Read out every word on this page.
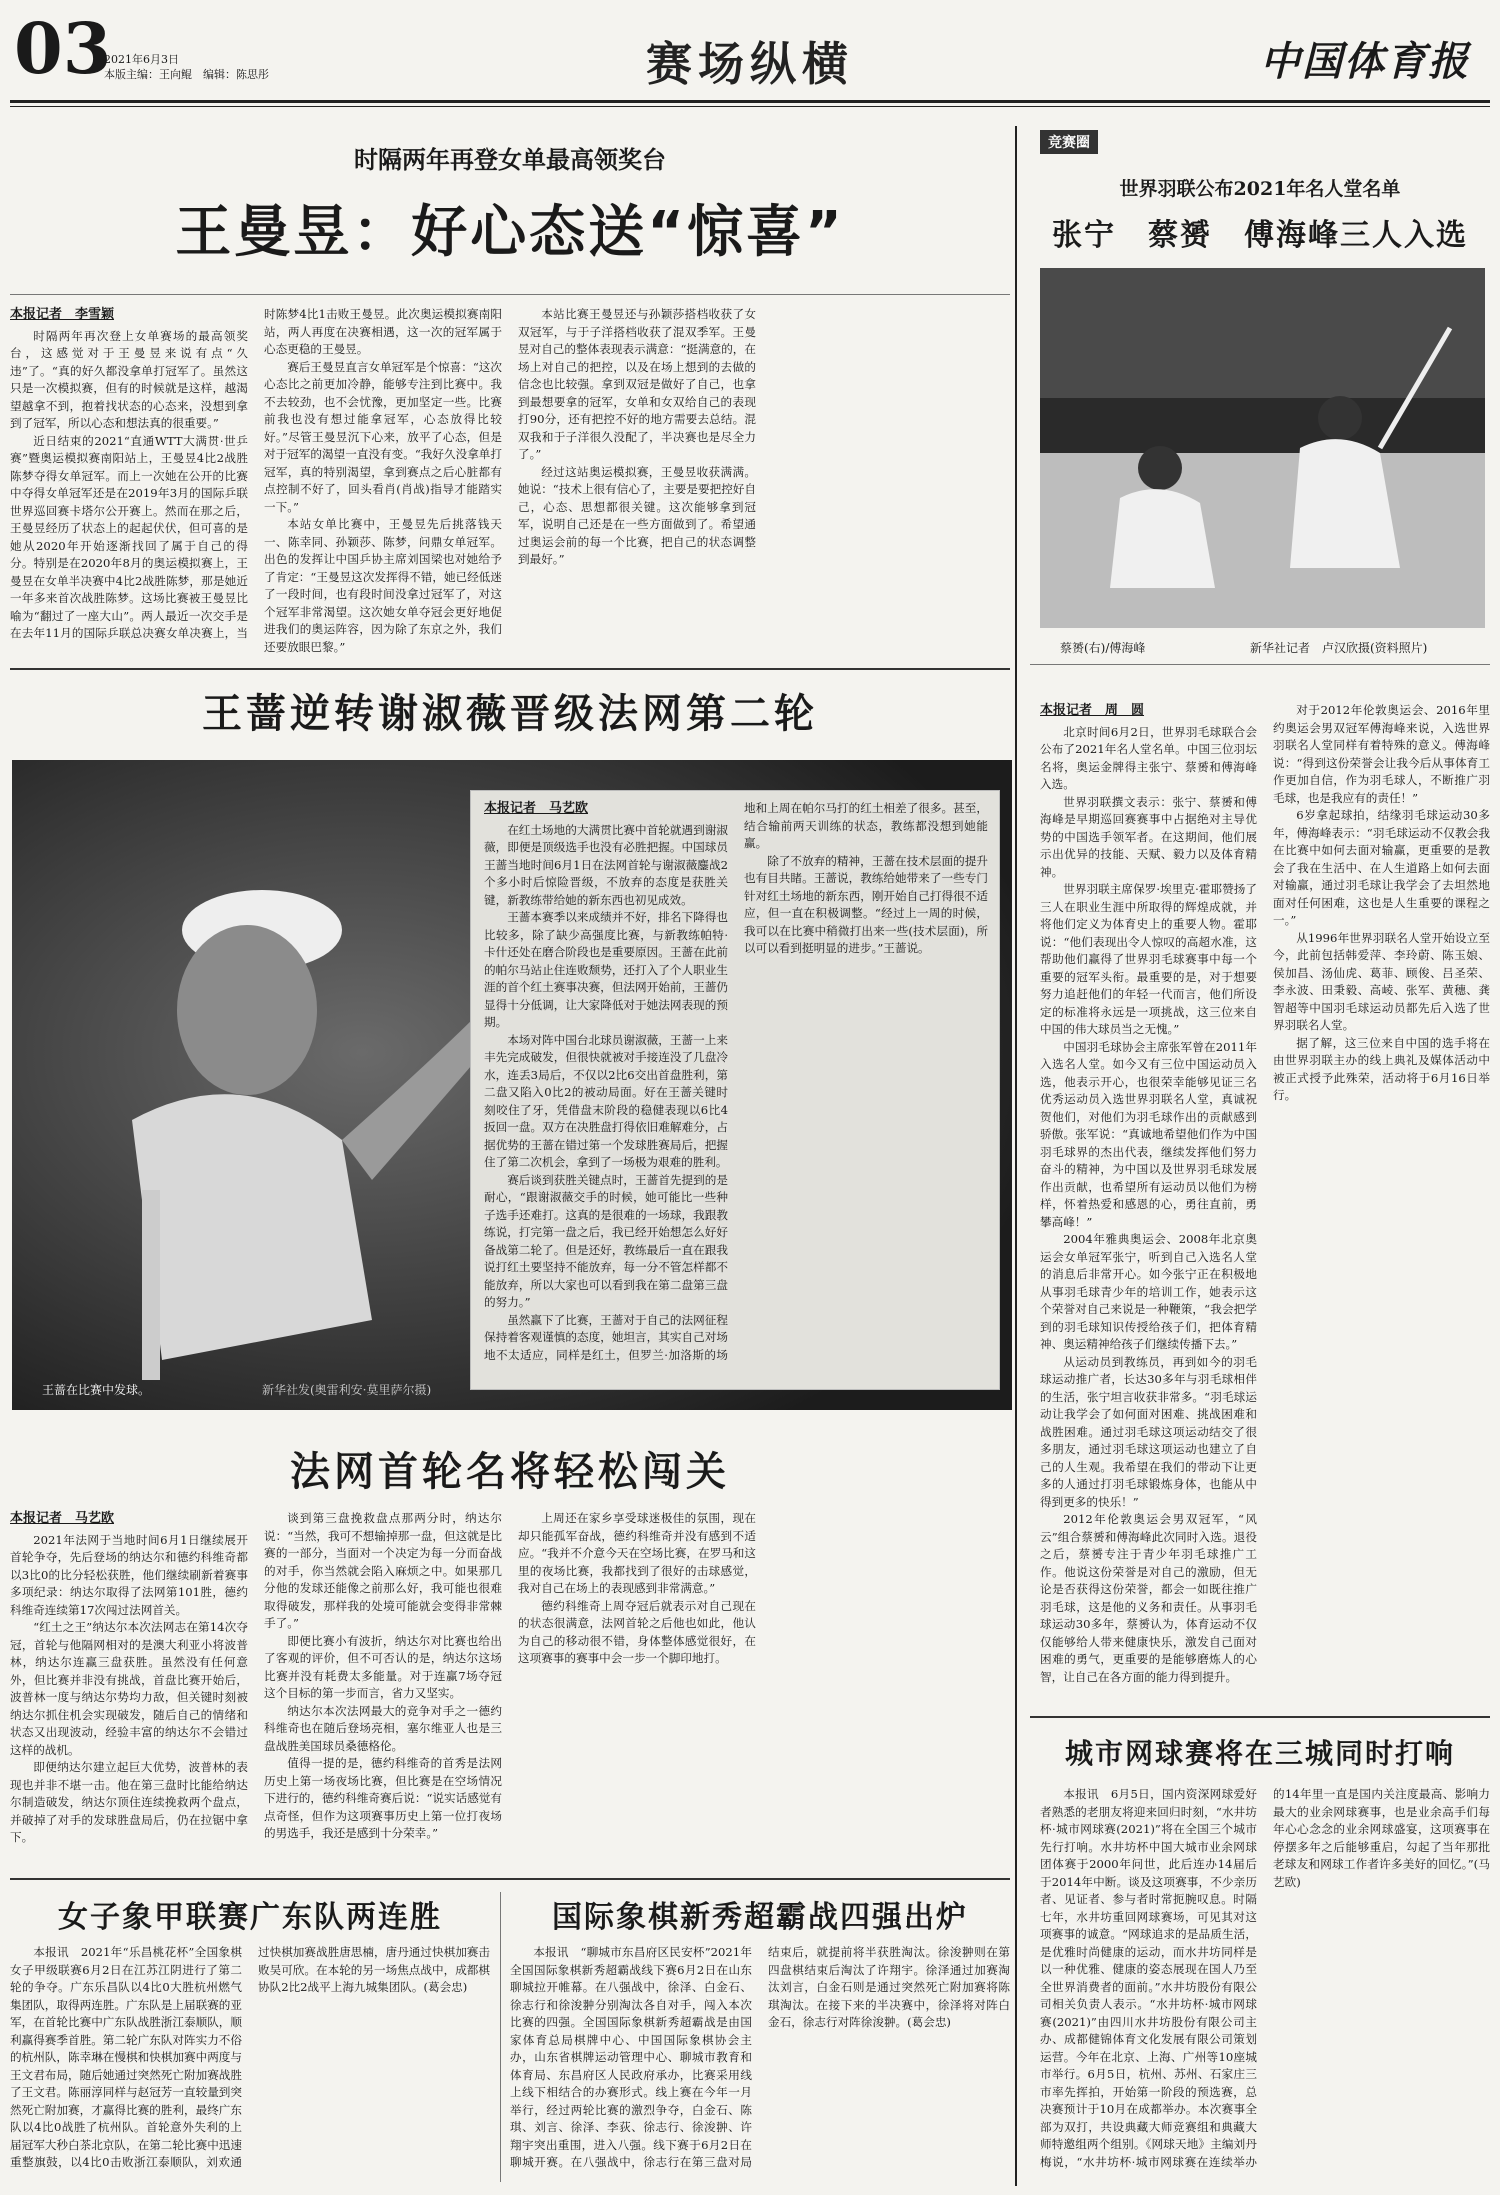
03
2021年6月3日
本版主编：王向鲲　编辑：陈思彤	赛场纵横	中国体育报
时隔两年再登女单最高领奖台
王曼昱：好心态送“惊喜”
本报记者　李雪颖

时隔两年再次登上女单赛场的最高领奖台，这感觉对于王曼昱来说有点“久违”了。“真的好久都没拿单打冠军了。虽然这只是一次模拟赛，但有的时候就是这样，越渴望越拿不到，抱着找状态的心态来，没想到拿到了冠军，所以心态和想法真的很重要。”

近日结束的2021“直通WTT大满贯·世乒赛”暨奥运模拟赛南阳站上，王曼昱4比2战胜陈梦夺得女单冠军。而上一次她在公开的比赛中夺得女单冠军还是在2019年3月的国际乒联世界巡回赛卡塔尔公开赛上。然而在那之后，王曼昱经历了状态上的起起伏伏，但可喜的是她从2020年开始逐渐找回了属于自己的得分。特别是在2020年8月的奥运模拟赛上，王曼昱在女单半决赛中4比2战胜陈梦，那是她近一年多来首次战胜陈梦。这场比赛被王曼昱比喻为“翻过了一座大山”。两人最近一次交手是在去年11月的国际乒联总决赛女单决赛上，当时陈梦4比1击败王曼昱。此次奥运模拟赛南阳站，两人再度在决赛相遇，这一次的冠军属于心态更稳的王曼昱。

赛后王曼昱直言女单冠军是个惊喜：“这次心态比之前更加冷静，能够专注到比赛中。我不去较劲，也不会忧豫，更加坚定一些。比赛前我也没有想过能拿冠军，心态放得比较好。”尽管王曼昱沉下心来，放平了心态，但是对于冠军的渴望一直没有变。“我好久没拿单打冠军，真的特别渴望，拿到赛点之后心脏都有点控制不好了，回头看肖(肖战)指导才能踏实一下。”

本站女单比赛中，王曼昱先后挑落钱天一、陈幸同、孙颖莎、陈梦，问鼎女单冠军。出色的发挥让中国乒协主席刘国梁也对她给予了肯定：“王曼昱这次发挥得不错，她已经低迷了一段时间，也有段时间没拿过冠军了，对这个冠军非常渴望。这次她女单夺冠会更好地促进我们的奥运阵容，因为除了东京之外，我们还要放眼巴黎。”

本站比赛王曼昱还与孙颖莎搭档收获了女双冠军，与于子洋搭档收获了混双季军。王曼昱对自己的整体表现表示满意：“挺满意的，在场上对自己的把控，以及在场上想到的去做的信念也比较强。拿到双冠是做好了自己，也拿到最想要拿的冠军，女单和女双给自己的表现打90分，还有把控不好的地方需要去总结。混双我和于子洋很久没配了，半决赛也是尽全力了。”

经过这站奥运模拟赛，王曼昱收获满满。她说：“技术上很有信心了，主要是要把控好自己，心态、思想都很关键。这次能够拿到冠军，说明自己还是在一些方面做到了。希望通过奥运会前的每一个比赛，把自己的状态调整到最好。”

王蔷逆转谢淑薇晋级法网第二轮
王蔷在比赛中发球。	新华社发(奥雷利安·莫里萨尔摄)
本报记者　马艺欧

在红土场地的大满贯比赛中首轮就遇到谢淑薇，即便是顶级选手也没有必胜把握。中国球员王蔷当地时间6月1日在法网首轮与谢淑薇鏖战2个多小时后惊险晋级，不放弃的态度是获胜关键，新教练带给她的新东西也初见成效。

王蔷本赛季以来成绩并不好，排名下降得也比较多，除了缺少高强度比赛，与新教练帕特·卡什还处在磨合阶段也是重要原因。王蔷在此前的帕尔马站止住连败颓势，还打入了个人职业生涯的首个红土赛事决赛，但法网开始前，王蔷仍显得十分低调，让大家降低对于她法网表现的预期。

本场对阵中国台北球员谢淑薇，王蔷一上来丰先完成破发，但很快就被对手接连没了几盘冷水，连丢3局后，不仅以2比6交出首盘胜利，第二盘又陷入0比2的被动局面。好在王蔷关键时刻咬住了牙，凭借盘末阶段的稳健表现以6比4扳回一盘。双方在决胜盘打得依旧难解难分，占据优势的王蔷在错过第一个发球胜赛局后，把握住了第二次机会，拿到了一场极为艰难的胜利。

赛后谈到获胜关键点时，王蔷首先提到的是耐心，“跟谢淑薇交手的时候，她可能比一些种子选手还难打。这真的是很难的一场球，我跟教练说，打完第一盘之后，我已经开始想怎么好好备战第二轮了。但是还好，教练最后一直在跟我说打红土要坚持不能放弃，每一分不管怎样都不能放弃，所以大家也可以看到我在第二盘第三盘的努力。”

虽然赢下了比赛，王蔷对于自己的法网征程保持着客观谨慎的态度，她坦言，其实自己对场地不太适应，同样是红土，但罗兰·加洛斯的场地和上周在帕尔马打的红土相差了很多。甚至，结合输前两天训练的状态，教练都没想到她能赢。

除了不放弃的精神，王蔷在技术层面的提升也有目共睹。王蔷说，教练给她带来了一些专门针对红土场地的新东西，刚开始自己打得很不适应，但一直在积极调整。“经过上一周的时候，我可以在比赛中稍微打出来一些(技术层面)，所以可以看到挺明显的进步。”王蔷说。

法网首轮名将轻松闯关
本报记者　马艺欧

2021年法网于当地时间6月1日继续展开首轮争夺，先后登场的纳达尔和德约科维奇都以3比0的比分轻松获胜，他们继续刷新着赛事多项纪录：纳达尔取得了法网第101胜，德约科维奇连续第17次闯过法网首关。

“红土之王”纳达尔本次法网志在第14次夺冠，首轮与他隔网相对的是澳大利亚小将波普林，纳达尔连赢三盘获胜。虽然没有任何意外，但比赛并非没有挑战，首盘比赛开始后，波普林一度与纳达尔势均力敌，但关键时刻被纳达尔抓住机会实现破发，随后自己的情绪和状态又出现波动，经验丰富的纳达尔不会错过这样的战机。

即便纳达尔建立起巨大优势，波普林的表现也并非不堪一击。他在第三盘时比能给纳达尔制造破发，纳达尔顶住连续挽救两个盘点，并破掉了对手的发球胜盘局后，仍在拉锯中拿下。

谈到第三盘挽救盘点那两分时，纳达尔说：“当然，我可不想输掉那一盘，但这就是比赛的一部分，当面对一个决定为每一分而奋战的对手，你当然就会陷入麻烦之中。如果那几分他的发球还能像之前那么好，我可能也很难取得破发，那样我的处境可能就会变得非常棘手了。”

即便比赛小有波折，纳达尔对比赛也给出了客观的评价，但不可否认的是，纳达尔这场比赛并没有耗费太多能量。对于连赢7场夺冠这个目标的第一步而言，省力又坚实。

纳达尔本次法网最大的竞争对手之一德约科维奇也在随后登场亮相，塞尔维亚人也是三盘战胜美国球员桑德格伦。

值得一提的是，德约科维奇的首秀是法网历史上第一场夜场比赛，但比赛是在空场情况下进行的，德约科维奇赛后说：“说实话感觉有点奇怪，但作为这项赛事历史上第一位打夜场的男选手，我还是感到十分荣幸。”

上周还在家乡享受球迷极佳的氛围，现在却只能孤军奋战，德约科维奇并没有感到不适应。“我并不介意今天在空场比赛，在罗马和这里的夜场比赛，我都找到了很好的击球感觉，我对自己在场上的表现感到非常满意。”

德约科维奇上周夺冠后就表示对自己现在的状态很满意，法网首轮之后他也如此，他认为自己的移动很不错，身体整体感觉很好，在这项赛事的赛事中会一步一个脚印地打。

女子象甲联赛广东队两连胜

本报讯　2021年“乐昌桃花杯”全国象棋女子甲级联赛6月2日在江苏江阴进行了第二轮的争夺。广东乐昌队以4比0大胜杭州燃气集团队，取得两连胜。广东队是上届联赛的亚军，在首轮比赛中广东队战胜浙江泰顺队，顺利赢得赛季首胜。第二轮广东队对阵实力不俗的杭州队，陈幸琳在慢棋和快棋加赛中两度与王文君布局，随后她通过突然死亡附加赛战胜了王文君。陈丽淳同样与赵冠芳一直较量到突然死亡附加赛，才赢得比赛的胜利，最终广东队以4比0战胜了杭州队。首轮意外失利的上届冠军大秒白茶北京队，在第二轮比赛中迅速重整旗鼓，以4比0击败浙江泰顺队，刘欢通过快棋加赛战胜唐思楠，唐丹通过快棋加赛击败吴可欣。在本轮的另一场焦点战中，成都棋协队2比2战平上海九城集团队。(葛会忠)

国际象棋新秀超霸战四强出炉

本报讯　“聊城市东昌府区民安杯”2021年全国国际象棋新秀超霸战线下赛6月2日在山东聊城拉开帷幕。在八强战中，徐泽、白金石、徐志行和徐浚翀分别淘汰各自对手，闯入本次比赛的四强。全国国际象棋新秀超霸战是由国家体育总局棋牌中心、中国国际象棋协会主办，山东省棋牌运动管理中心、聊城市教育和体育局、东昌府区人民政府承办，比赛采用线上线下相结合的办赛形式。线上赛在今年一月举行，经过两轮比赛的激烈争夺，白金石、陈琪、刘言、徐泽、李荻、徐志行、徐浚翀、许翔宇突出重围，进入八强。线下赛于6月2日在聊城开赛。在八强战中，徐志行在第三盘对局结束后，就提前将半获胜淘汰。徐浚翀则在第四盘棋结束后淘汰了许翔宇。徐泽通过加赛淘汰刘言，白金石则是通过突然死亡附加赛将陈琪淘汰。在接下来的半决赛中，徐泽将对阵白金石，徐志行对阵徐浚翀。(葛会忠)

竞赛圈
世界羽联公布2021年名人堂名单
张宁　蔡赟　傅海峰三人入选
蔡赟(右)/傅海峰	新华社记者　卢汉欣摄(资料照片)
本报记者　周　圆

北京时间6月2日，世界羽毛球联合会公布了2021年名人堂名单。中国三位羽坛名将，奥运金牌得主张宁、蔡赟和傅海峰入选。

世界羽联撰文表示：张宁、蔡赟和傅海峰是早期巡回赛赛事中占据绝对主导优势的中国选手领军者。在这期间，他们展示出优异的技能、天赋、毅力以及体育精神。

世界羽联主席保罗·埃里克·霍耶赞扬了三人在职业生涯中所取得的辉煌成就，并将他们定义为体育史上的重要人物。霍耶说：“他们表现出令人惊叹的高超水准，这帮助他们赢得了世界羽毛球赛事中每一个重要的冠军头衔。最重要的是，对于想要努力追赶他们的年轻一代而言，他们所设定的标准将永远是一项挑战，这三位来自中国的伟大球员当之无愧。”

中国羽毛球协会主席张军曾在2011年入选名人堂。如今又有三位中国运动员入选，他表示开心，也很荣幸能够见证三名优秀运动员入选世界羽联名人堂，真诚祝贺他们，对他们为羽毛球作出的贡献感到骄傲。张军说：“真诚地希望他们作为中国羽毛球界的杰出代表，继续发挥他们努力奋斗的精神，为中国以及世界羽毛球发展作出贡献，也希望所有运动员以他们为榜样，怀着热爱和感恩的心，勇往直前，勇攀高峰！”

2004年雅典奥运会、2008年北京奥运会女单冠军张宁，听到自己入选名人堂的消息后非常开心。如今张宁正在积极地从事羽毛球青少年的培训工作，她表示这个荣誉对自己来说是一种鞭策，“我会把学到的羽毛球知识传授给孩子们，把体育精神、奥运精神给孩子们继续传播下去。”

从运动员到教练员，再到如今的羽毛球运动推广者，长达30多年与羽毛球相伴的生活，张宁坦言收获非常多。“羽毛球运动让我学会了如何面对困难、挑战困难和战胜困难。通过羽毛球这项运动结交了很多朋友，通过羽毛球这项运动也建立了自己的人生观。我希望在我们的带动下让更多的人通过打羽毛球锻炼身体，也能从中得到更多的快乐！”

2012年伦敦奥运会男双冠军，“风云”组合蔡赟和傅海峰此次同时入选。退役之后，蔡赟专注于青少年羽毛球推广工作。他说这份荣誉是对自己的激励，但无论是否获得这份荣誉，都会一如既往推广羽毛球，这是他的义务和责任。从事羽毛球运动30多年，蔡赟认为，体育运动不仅仅能够给人带来健康快乐，激发自己面对困难的勇气，更重要的是能够磨炼人的心智，让自己在各方面的能力得到提升。

对于2012年伦敦奥运会、2016年里约奥运会男双冠军傅海峰来说，入选世界羽联名人堂同样有着特殊的意义。傅海峰说：“得到这份荣誉会让我今后从事体育工作更加自信，作为羽毛球人，不断推广羽毛球，也是我应有的责任！”

6岁拿起球拍，结缘羽毛球运动30多年，傅海峰表示：“羽毛球运动不仅教会我在比赛中如何去面对输赢，更重要的是教会了我在生活中、在人生道路上如何去面对输赢，通过羽毛球让我学会了去坦然地面对任何困难，这也是人生重要的课程之一。”

从1996年世界羽联名人堂开始设立至今，此前包括韩爱萍、李玲蔚、陈玉娘、侯加昌、汤仙虎、葛菲、顾俊、吕圣荣、李永波、田秉毅、高崚、张军、黄穗、龚智超等中国羽毛球运动员都先后入选了世界羽联名人堂。

据了解，这三位来自中国的选手将在由世界羽联主办的线上典礼及媒体活动中被正式授予此殊荣，活动将于6月16日举行。

城市网球赛将在三城同时打响

本报讯　6月5日，国内资深网球爱好者熟悉的老朋友将迎来回归时刻，“水井坊杯·城市网球赛(2021)”将在全国三个城市先行打响。水井坊杯中国大城市业余网球团体赛于2000年问世，此后连办14届后于2014年中断。谈及这项赛事，不少亲历者、见证者、参与者时常扼腕叹息。时隔七年，水井坊重回网球赛场，可见其对这项赛事的诚意。“网球追求的是品质生活，是优雅时尚健康的运动，而水井坊同样是以一种优雅、健康的姿态展现在国人乃至全世界消费者的面前。”水井坊股份有限公司相关负责人表示。“水井坊杯·城市网球赛(2021)”由四川水井坊股份有限公司主办、成都健锦体育文化发展有限公司策划运营。今年在北京、上海、广州等10座城市举行。6月5日，杭州、苏州、石家庄三市率先挥拍，开始第一阶段的预选赛，总决赛预计于10月在成都举办。本次赛事全部为双打，共设典藏大师竞赛组和典藏大师特邀组两个组别。《网球天地》主编刘丹梅说，“水井坊杯·城市网球赛在连续举办的14年里一直是国内关注度最高、影响力最大的业余网球赛事，也是业余高手们每年心心念念的业余网球盛宴，这项赛事在停摆多年之后能够重启，勾起了当年那批老球友和网球工作者许多美好的回忆。”(马艺欧)
